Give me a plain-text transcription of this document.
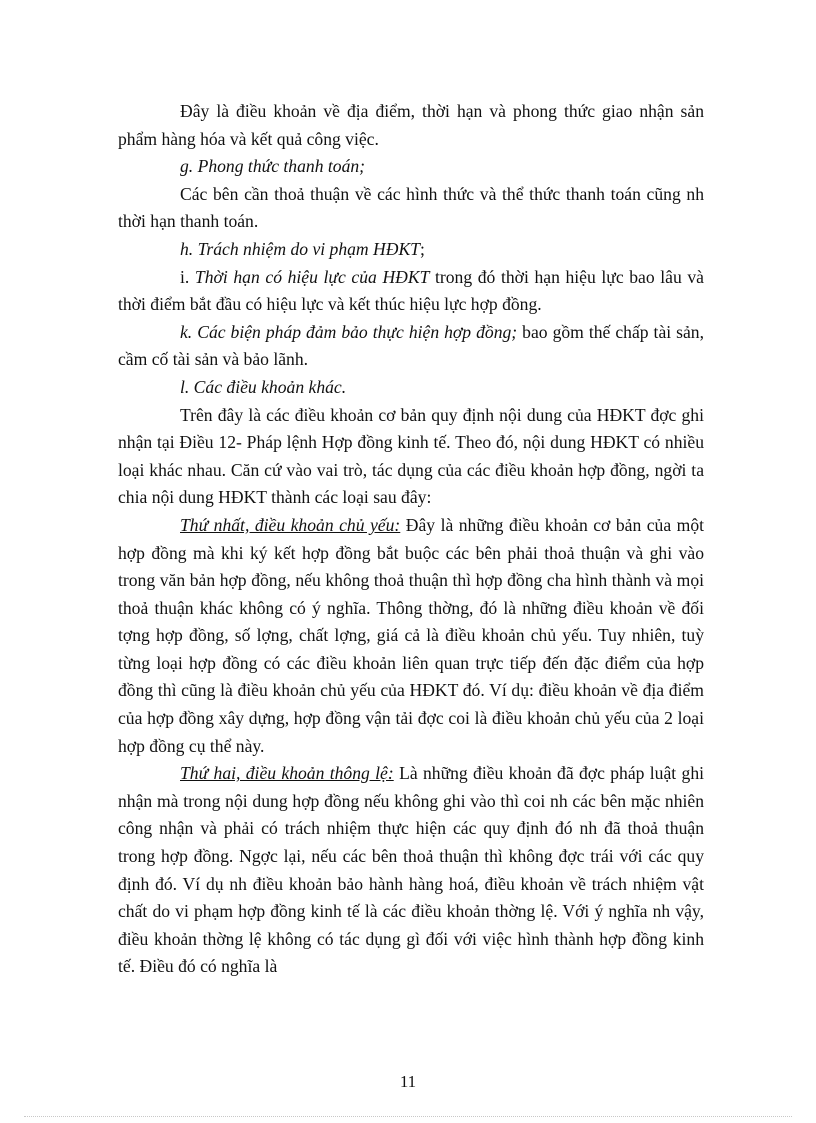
Đây là điều khoản về địa điểm, thời hạn và phong thức giao nhận sản phẩm hàng hóa và kết quả công việc.

g. Phong thức thanh toán;

Các bên cần thoả thuận về các hình thức và thể thức thanh toán cũng nh thời hạn thanh toán.

h. Trách nhiệm do vi phạm HĐKT;

i. Thời hạn có hiệu lực của HĐKT trong đó thời hạn hiệu lực bao lâu và thời điểm bắt đầu có hiệu lực và kết thúc hiệu lực hợp đồng.

k. Các biện pháp đảm bảo thực hiện hợp đồng; bao gồm thế chấp tài sản, cầm cố tài sản và bảo lãnh.

l. Các điều khoản khác.

Trên đây là các điều khoản cơ bản quy định nội dung của HĐKT đợc ghi nhận tại Điều 12- Pháp lệnh Hợp đồng kinh tế. Theo đó, nội dung HĐKT có nhiều loại khác nhau. Căn cứ vào vai trò, tác dụng của các điều khoản hợp đồng, ngời ta chia nội dung HĐKT thành các loại sau đây:

Thứ nhất, điều khoản chủ yếu: Đây là những điều khoản cơ bản của một hợp đồng mà khi ký kết hợp đồng bắt buộc các bên phải thoả thuận và ghi vào trong văn bản hợp đồng, nếu không thoả thuận thì hợp đồng cha hình thành và mọi thoả thuận khác không có ý nghĩa. Thông thờng, đó là những điều khoản về đối tợng hợp đồng, số lợng, chất lợng, giá cả là điều khoản chủ yếu. Tuy nhiên, tuỳ từng loại hợp đồng có các điều khoản liên quan trực tiếp đến đặc điểm của hợp đồng thì cũng là điều khoản chủ yếu của HĐKT đó. Ví dụ: điều khoản về địa điểm của hợp đồng xây dựng, hợp đồng vận tải đợc coi là điều khoản chủ yếu của 2 loại hợp đồng cụ thể này.

Thứ hai, điều khoản thông lệ: Là những điều khoản đã đợc pháp luật ghi nhận mà trong nội dung hợp đồng nếu không ghi vào thì coi nh các bên mặc nhiên công nhận và phải có trách nhiệm thực hiện các quy định đó nh đã thoả thuận trong hợp đồng. Ngợc lại, nếu các bên thoả thuận thì không đợc trái với các quy định đó. Ví dụ nh điều khoản bảo hành hàng hoá, điều khoản về trách nhiệm vật chất do vi phạm hợp đồng kinh tế là các điều khoản thờng lệ. Với ý nghĩa nh vậy, điều khoản thờng lệ không có tác dụng gì đối với việc hình thành hợp đồng kinh tế. Điều đó có nghĩa là

11
